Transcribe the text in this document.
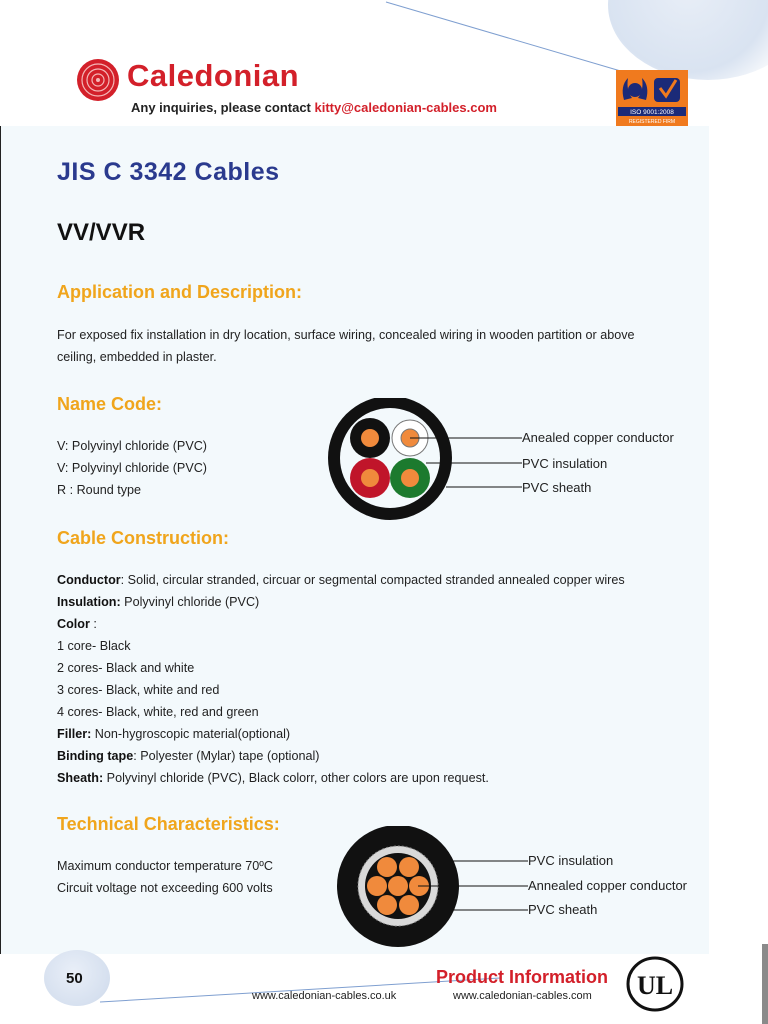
Caledonian
Any inquiries, please contact kitty@caledonian-cables.com	ISO 9001:2008
REGISTERED FIRM
JIS C 3342 Cables
VV/VVR
Application and Description:
For exposed fix installation in dry location, surface wiring, concealed wiring in wooden partition or above
ceiling, embedded in plaster.
Name Code:
V: Polyvinyl chloride (PVC)
V: Polyvinyl chloride (PVC)
R : Round type
Anealed copper conductor
PVC insulation
PVC sheath
Cable Construction:
Conductor: Solid, circular stranded, circuar or segmental compacted stranded annealed copper wires
Insulation: Polyvinyl chloride (PVC)
Color :
1 core- Black
2 cores- Black and white
3 cores- Black, white and red
4 cores- Black, white, red and green
Filler: Non-hygroscopic material(optional)
Binding tape: Polyester (Mylar) tape (optional)
Sheath: Polyvinyl chloride (PVC), Black colorr, other colors are upon request.
Technical Characteristics:
Maximum conductor temperature 70ºC
Circuit voltage not exceeding 600 volts
PVC insulation
Annealed copper conductor
PVC sheath
50	Product Information
www.caledonian-cables.co.uk	www.caledonian-cables.com UL
